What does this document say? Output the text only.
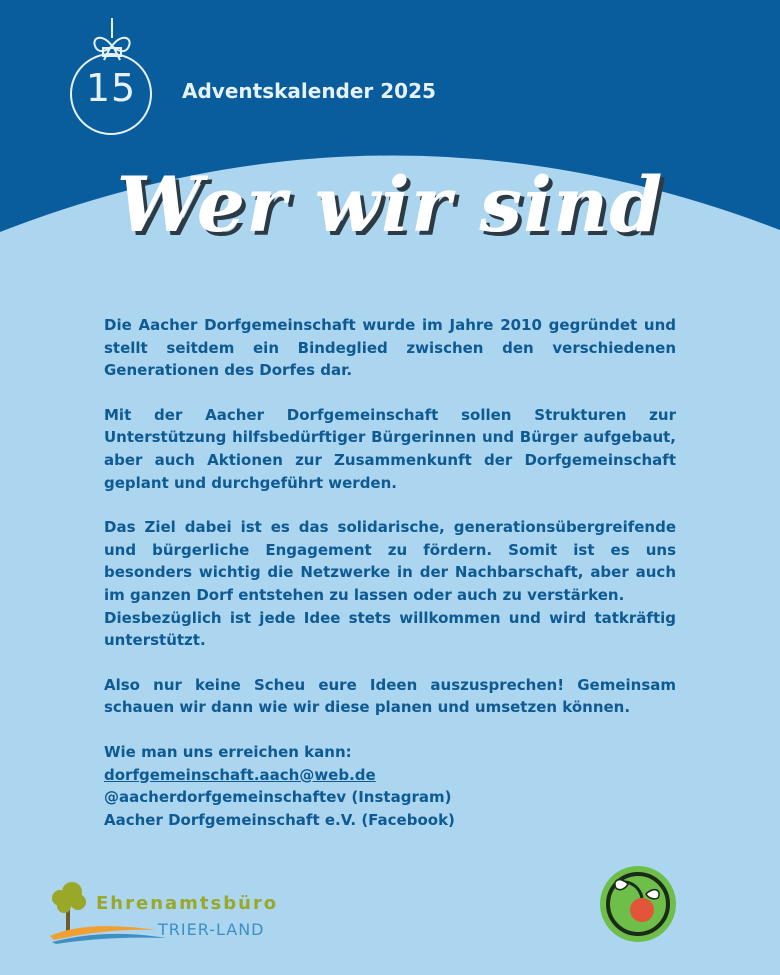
15	Adventskalender 2025
Wer wir sind

Die Aacher Dorfgemeinschaft wurde im Jahre 2010 gegründet und stellt seitdem ein Bindeglied zwischen den verschiedenen Generationen des Dorfes dar.

Mit der Aacher Dorfgemeinschaft sollen Strukturen zur Unterstützung hilfsbedürftiger Bürgerinnen und Bürger aufgebaut, aber auch Aktionen zur Zusammenkunft der Dorfgemeinschaft geplant und durchgeführt werden.

Das Ziel dabei ist es das solidarische, generationsübergreifende und bürgerliche Engagement zu fördern. Somit ist es uns besonders wichtig die Netzwerke in der Nachbarschaft, aber auch im ganzen Dorf entstehen zu lassen oder auch zu verstärken.

Diesbezüglich ist jede Idee stets willkommen und wird tatkräftig unterstützt.

Also nur keine Scheu eure Ideen auszusprechen! Gemeinsam schauen wir dann wie wir diese planen und umsetzen können.

Wie man uns erreichen kann:
dorfgemeinschaft.aach@web.de
@aacherdorfgemeinschaftev (Instagram)
Aacher Dorfgemeinschaft e.V. (Facebook)
Ehrenamtsbüro
TRIER-LAND
